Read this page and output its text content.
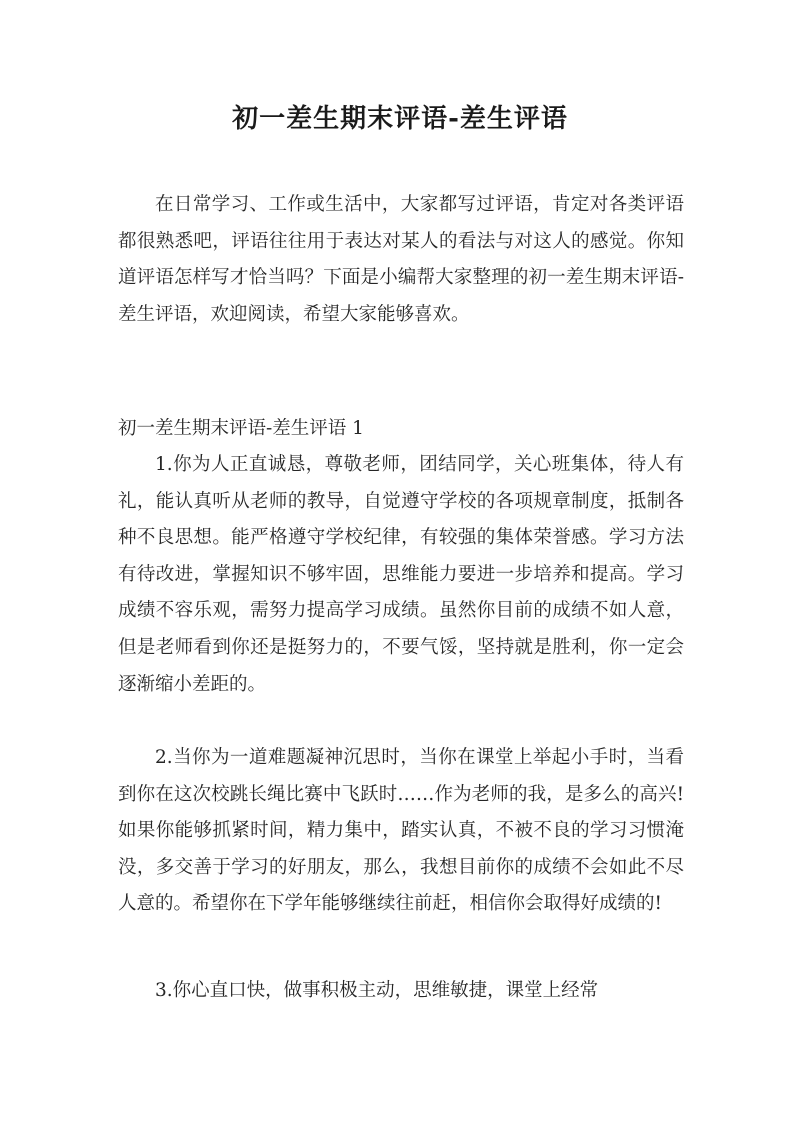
初一差生期末评语-差生评语

在日常学习、工作或生活中，大家都写过评语，肯定对各类评语都很熟悉吧，评语往往用于表达对某人的看法与对这人的感觉。你知道评语怎样写才恰当吗？下面是小编帮大家整理的初一差生期末评语-差生评语，欢迎阅读，希望大家能够喜欢。

初一差生期末评语-差生评语 1

1.你为人正直诚恳，尊敬老师，团结同学，关心班集体，待人有礼，能认真听从老师的教导，自觉遵守学校的各项规章制度，抵制各种不良思想。能严格遵守学校纪律，有较强的集体荣誉感。学习方法有待改进，掌握知识不够牢固，思维能力要进一步培养和提高。学习成绩不容乐观，需努力提高学习成绩。虽然你目前的成绩不如人意，但是老师看到你还是挺努力的，不要气馁，坚持就是胜利，你一定会逐渐缩小差距的。

2.当你为一道难题凝神沉思时，当你在课堂上举起小手时，当看到你在这次校跳长绳比赛中飞跃时……作为老师的我，是多么的高兴!如果你能够抓紧时间，精力集中，踏实认真，不被不良的学习习惯淹没，多交善于学习的好朋友，那么，我想目前你的成绩不会如此不尽人意的。希望你在下学年能够继续往前赶，相信你会取得好成绩的!

3.你心直口快，做事积极主动，思维敏捷，课堂上经常
